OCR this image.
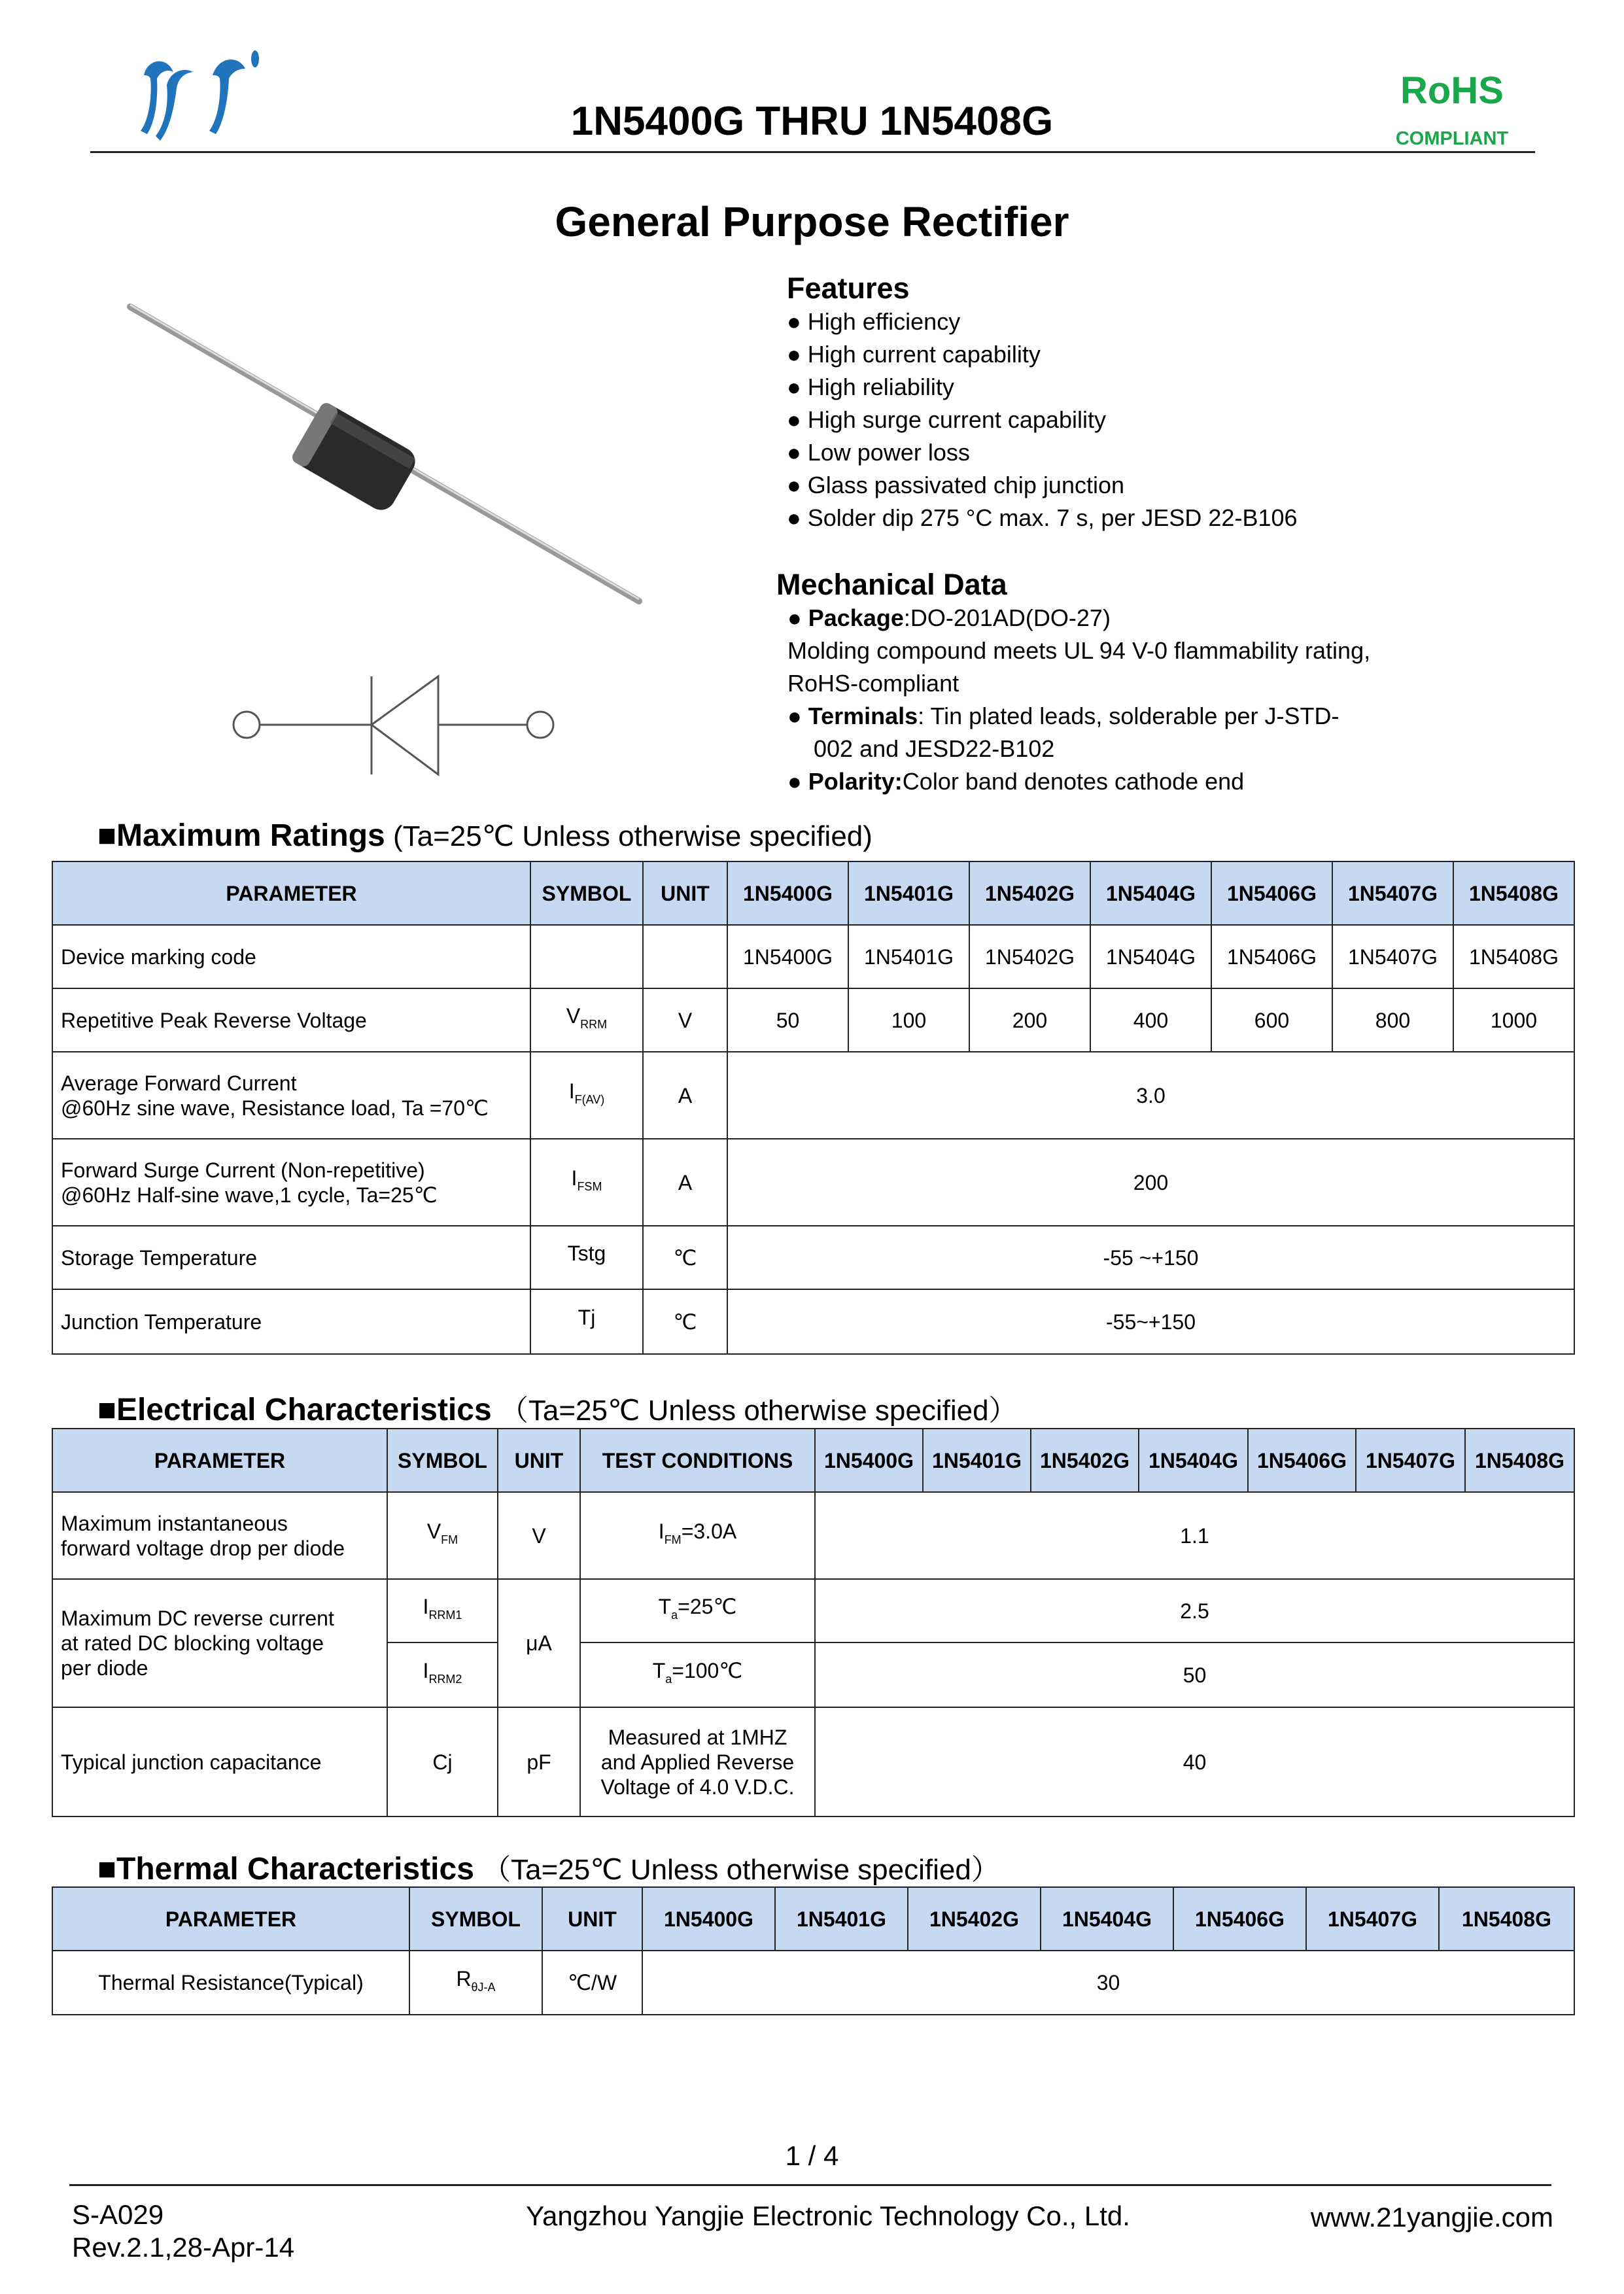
1N5400G THRU 1N5408G
RoHS
COMPLIANT
General Purpose Rectifier
Features
● High efficiency
● High current capability
● High reliability
● High surge current capability
● Low power loss
● Glass passivated chip junction
● Solder dip 275 °C max. 7 s, per JESD 22-B106
Mechanical Data
● Package:DO-201AD(DO-27)
Molding compound meets UL 94 V-0 flammability rating,
RoHS-compliant
● Terminals: Tin plated leads, solderable per J-STD-
002 and JESD22-B102
● Polarity:Color band denotes cathode end
■Maximum Ratings (Ta=25℃ Unless otherwise specified)
PARAMETER	SYMBOL	UNIT	1N5400G	1N5401G	1N5402G	1N5404G	1N5406G	1N5407G	1N5408G

Device marking code			1N5400G	1N5401G	1N5402G	1N5404G	1N5406G	1N5407G	1N5408G

Repetitive Peak Reverse Voltage	$V_{RRM}$	V	50	100	200	400	600	800	1000

Average Forward Current
@60Hz sine wave, Resistance load, Ta =70℃	$I_{F(AV)}$	A	3.0						

Forward Surge Current (Non-repetitive)
@60Hz Half-sine wave,1 cycle, Ta=25℃	$I_{FSM}$	A	200						

Storage Temperature	Tstg	℃	-55 ~+150						

Junction Temperature	Tj	℃	-55~+150						
■Electrical Characteristics （Ta=25℃ Unless otherwise specified）
PARAMETER	SYMBOL	UNIT	TEST CONDITIONS	1N5400G	1N5401G	1N5402G	1N5404G	1N5406G	1N5407G	1N5408G

Maximum instantaneous
forward voltage drop per diode	$V_{FM}$	V	$I_{FM}=3.0A$	1.1						

Maximum DC reverse current
at rated DC blocking voltage
per diode	$I_{RRM1}$	μA	$T_a=25℃$	2.5						
	$I_{RRM2}$		$T_a=100℃$	50						

Typical junction capacitance	Cj	pF	Measured at 1MHZ
and Applied Reverse
Voltage of 4.0 V.D.C.	40						
■Thermal Characteristics （Ta=25℃ Unless otherwise specified）
PARAMETER	SYMBOL	UNIT	1N5400G	1N5401G	1N5402G	1N5404G	1N5406G	1N5407G	1N5408G
Thermal Resistance(Typical)	$R_{\theta J-A}$	℃/W	30						
1 / 4
S-A029
Rev.2.1,28-Apr-14
Yangzhou Yangjie Electronic Technology Co., Ltd.	www.21yangjie.com
